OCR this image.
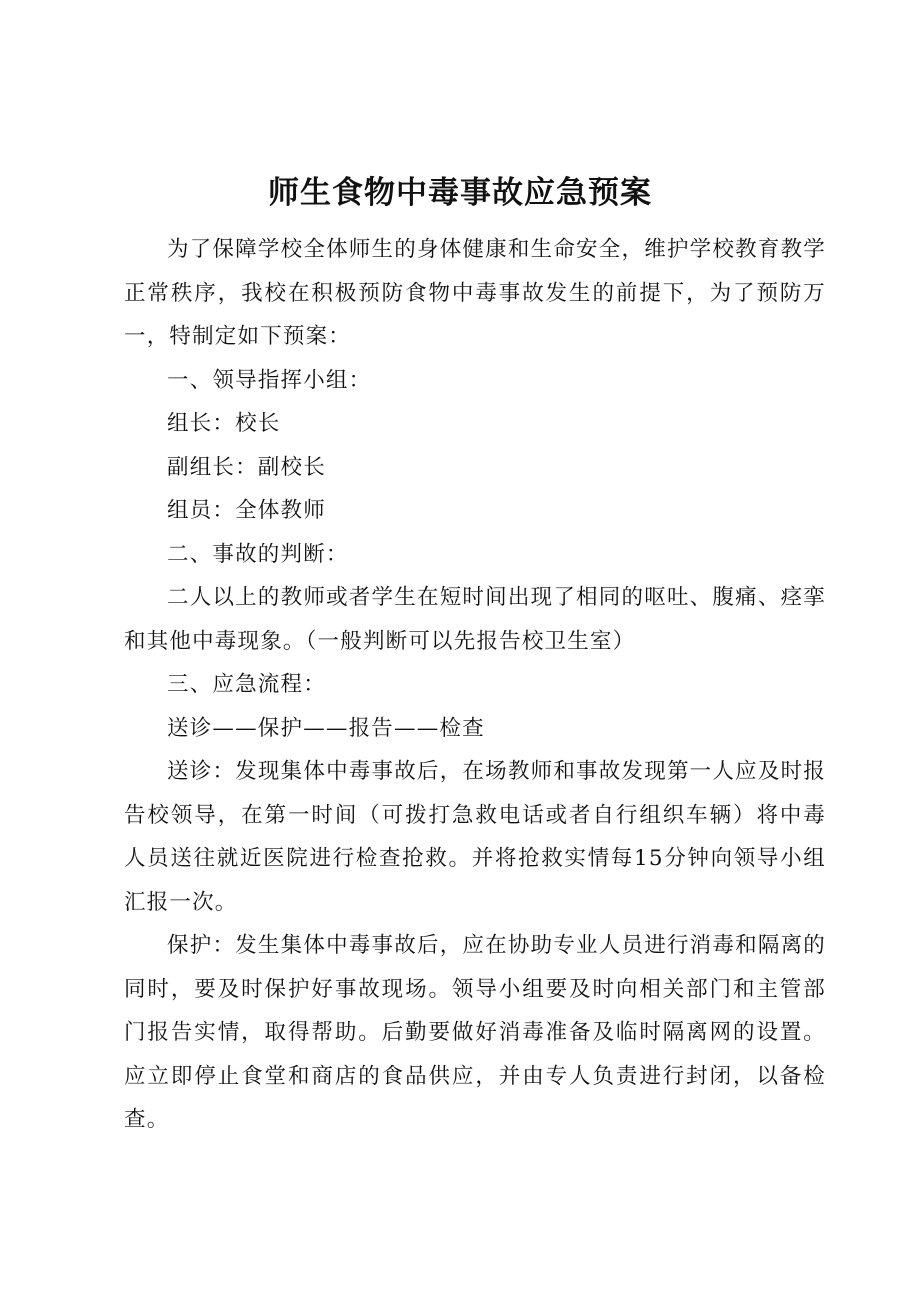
师生食物中毒事故应急预案

为了保障学校全体师生的身体健康和生命安全，维护学校教育教学正常秩序，我校在积极预防食物中毒事故发生的前提下，为了预防万一，特制定如下预案：

一、领导指挥小组：

组长：校长

副组长：副校长

组员：全体教师

二、事故的判断：

二人以上的教师或者学生在短时间出现了相同的呕吐、腹痛、痉挛和其他中毒现象。（一般判断可以先报告校卫生室）

三、应急流程：

送诊——保护——报告——检查

送诊：发现集体中毒事故后，在场教师和事故发现第一人应及时报告校领导，在第一时间（可拨打急救电话或者自行组织车辆）将中毒人员送往就近医院进行检查抢救。并将抢救实情每15分钟向领导小组汇报一次。

保护：发生集体中毒事故后，应在协助专业人员进行消毒和隔离的同时，要及时保护好事故现场。领导小组要及时向相关部门和主管部门报告实情，取得帮助。后勤要做好消毒准备及临时隔离网的设置。应立即停止食堂和商店的食品供应，并由专人负责进行封闭，以备检查。
